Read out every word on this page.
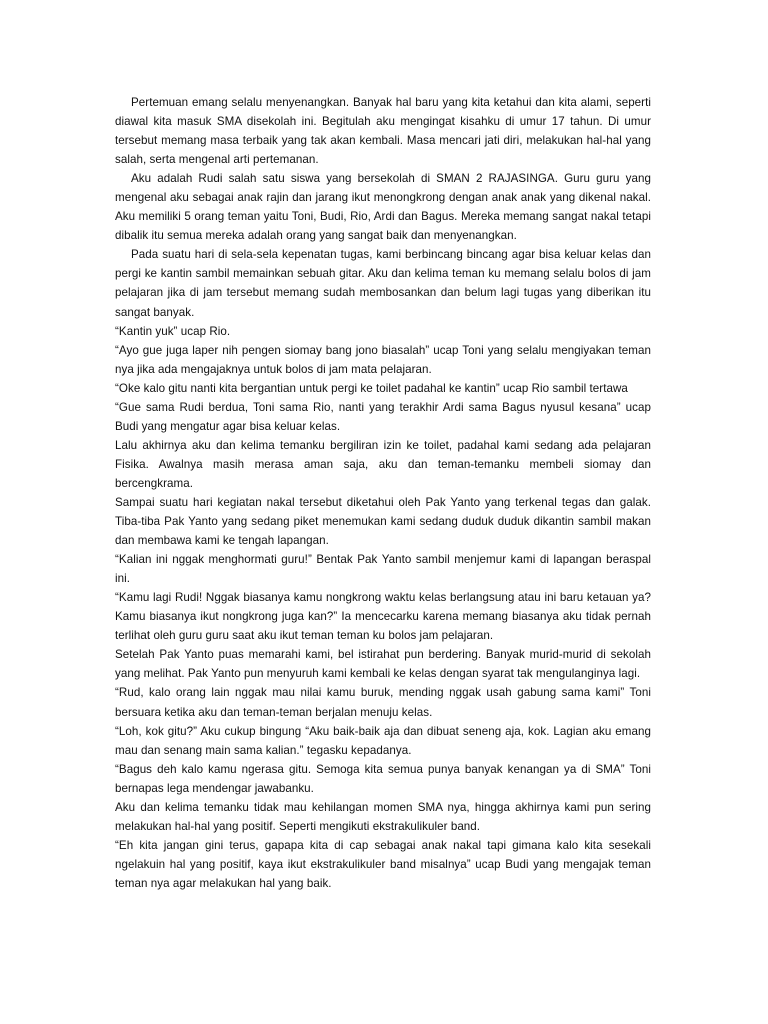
Pertemuan emang selalu menyenangkan. Banyak hal baru yang kita ketahui dan kita alami, seperti diawal kita masuk SMA disekolah ini. Begitulah aku mengingat kisahku di umur 17 tahun. Di umur tersebut memang masa terbaik yang tak akan kembali. Masa mencari jati diri, melakukan hal-hal yang salah, serta mengenal arti pertemanan.

Aku adalah Rudi salah satu siswa yang bersekolah di SMAN 2 RAJASINGA. Guru guru yang mengenal aku sebagai anak rajin dan jarang ikut menongkrong dengan anak anak yang dikenal nakal. Aku memiliki 5 orang teman yaitu Toni, Budi, Rio, Ardi dan Bagus. Mereka memang sangat nakal tetapi dibalik itu semua mereka adalah orang yang sangat baik dan menyenangkan.

Pada suatu hari di sela-sela kepenatan tugas, kami berbincang bincang agar bisa keluar kelas dan pergi ke kantin sambil memainkan sebuah gitar. Aku dan kelima teman ku memang selalu bolos di jam pelajaran jika di jam tersebut memang sudah membosankan dan belum lagi tugas yang diberikan itu sangat banyak.

“Kantin yuk” ucap Rio.

“Ayo gue juga laper nih pengen siomay bang jono biasalah” ucap Toni yang selalu mengiyakan teman nya jika ada mengajaknya untuk bolos di jam mata pelajaran.

“Oke kalo gitu nanti kita bergantian untuk pergi ke toilet padahal ke kantin” ucap Rio sambil tertawa

“Gue sama Rudi berdua, Toni sama Rio, nanti yang terakhir Ardi sama Bagus nyusul kesana” ucap Budi yang mengatur agar bisa keluar kelas.

Lalu akhirnya aku dan kelima temanku bergiliran izin ke toilet, padahal kami sedang ada pelajaran Fisika. Awalnya masih merasa aman saja, aku dan teman-temanku membeli siomay dan bercengkrama.

Sampai suatu hari kegiatan nakal tersebut diketahui oleh Pak Yanto yang terkenal tegas dan galak. Tiba-tiba Pak Yanto yang sedang piket menemukan kami sedang duduk duduk dikantin sambil makan dan membawa kami ke tengah lapangan.

“Kalian ini nggak menghormati guru!” Bentak Pak Yanto sambil menjemur kami di lapangan beraspal ini.

“Kamu lagi Rudi! Nggak biasanya kamu nongkrong waktu kelas berlangsung atau ini baru ketauan ya? Kamu biasanya ikut nongkrong juga kan?” Ia mencecarku karena memang biasanya aku tidak pernah terlihat oleh guru guru saat aku ikut teman teman ku bolos jam pelajaran.

Setelah Pak Yanto puas memarahi kami, bel istirahat pun berdering. Banyak murid-murid di sekolah yang melihat. Pak Yanto pun menyuruh kami kembali ke kelas dengan syarat tak mengulanginya lagi.

“Rud, kalo orang lain nggak mau nilai kamu buruk, mending nggak usah gabung sama kami” Toni bersuara ketika aku dan teman-teman berjalan menuju kelas.

“Loh, kok gitu?” Aku cukup bingung “Aku baik-baik aja dan dibuat seneng aja, kok. Lagian aku emang mau dan senang main sama kalian.” tegasku kepadanya.

“Bagus deh kalo kamu ngerasa gitu. Semoga kita semua punya banyak kenangan ya di SMA” Toni bernapas lega mendengar jawabanku.

Aku dan kelima temanku tidak mau kehilangan momen SMA nya, hingga akhirnya kami pun sering melakukan hal-hal yang positif. Seperti mengikuti ekstrakulikuler band.

“Eh kita jangan gini terus, gapapa kita di cap sebagai anak nakal tapi gimana kalo kita sesekali ngelakuin hal yang positif, kaya ikut ekstrakulikuler band misalnya” ucap Budi yang mengajak teman teman nya agar melakukan hal yang baik.
